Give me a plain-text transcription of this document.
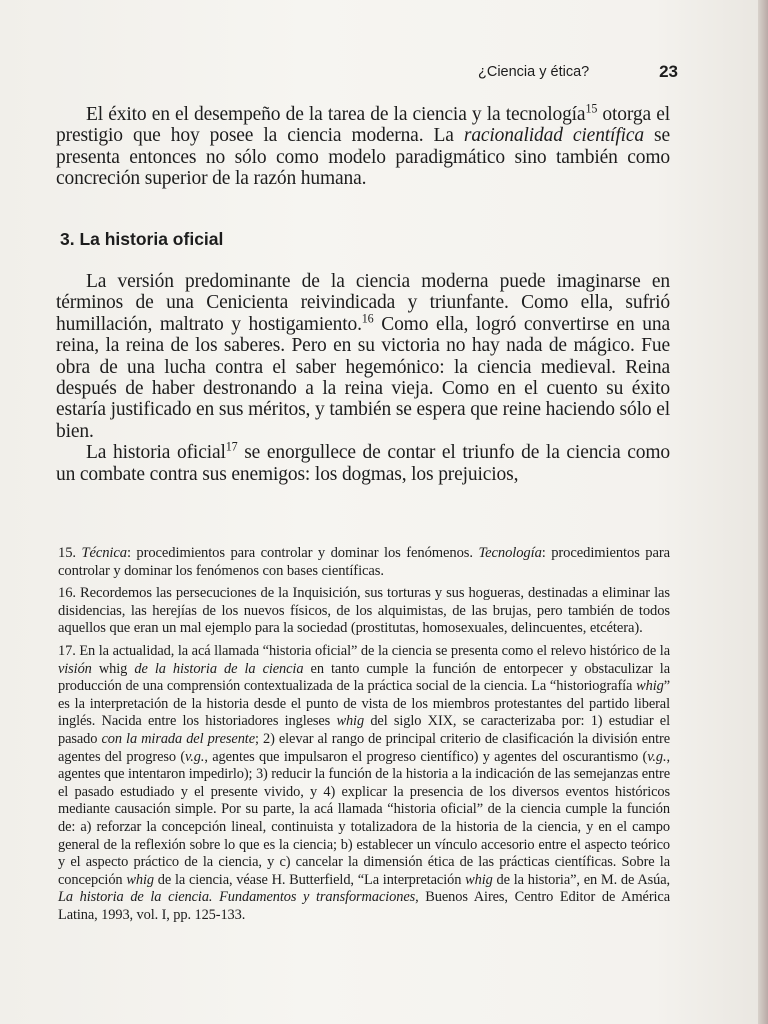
¿Ciencia y ética?	23

El éxito en el desempeño de la tarea de la ciencia y la tecnología$^{15}$ otorga el prestigio que hoy posee la ciencia moderna. La racionalidad científica se presenta entonces no sólo como modelo paradigmático sino también como concreción superior de la razón humana.

3. La historia oficial

La versión predominante de la ciencia moderna puede imaginarse en términos de una Cenicienta reivindicada y triunfante. Como ella, sufrió humillación, maltrato y hostigamiento.$^{16}$ Como ella, logró convertirse en una reina, la reina de los saberes. Pero en su victoria no hay nada de mágico. Fue obra de una lucha contra el saber hegemónico: la ciencia medieval. Reina después de haber destronando a la reina vieja. Como en el cuento su éxito estaría justificado en sus méritos, y también se espera que reine haciendo sólo el bien.

La historia oficial$^{17}$ se enorgullece de contar el triunfo de la ciencia como un combate contra sus enemigos: los dogmas, los prejuicios,

15. Técnica: procedimientos para controlar y dominar los fenómenos. Tecnología: procedimientos para controlar y dominar los fenómenos con bases científicas.

16. Recordemos las persecuciones de la Inquisición, sus torturas y sus hogueras, destinadas a eliminar las disidencias, las herejías de los nuevos físicos, de los alquimistas, de las brujas, pero también de todos aquellos que eran un mal ejemplo para la sociedad (prostitutas, homosexuales, delincuentes, etcétera).

17. En la actualidad, la acá llamada “historia oficial” de la ciencia se presenta como el relevo histórico de la visión whig de la historia de la ciencia en tanto cumple la función de entorpecer y obstaculizar la producción de una comprensión contextualizada de la práctica social de la ciencia. La “historiografía whig” es la interpretación de la historia desde el punto de vista de los miembros protestantes del partido liberal inglés. Nacida entre los historiadores ingleses whig del siglo XIX, se caracterizaba por: 1) estudiar el pasado con la mirada del presente; 2) elevar al rango de principal criterio de clasificación la división entre agentes del progreso (v.g., agentes que impulsaron el progreso científico) y agentes del oscurantismo (v.g., agentes que intentaron impedirlo); 3) reducir la función de la historia a la indicación de las semejanzas entre el pasado estudiado y el presente vivido, y 4) explicar la presencia de los diversos eventos históricos mediante causación simple. Por su parte, la acá llamada “historia oficial” de la ciencia cumple la función de: a) reforzar la concepción lineal, continuista y totalizadora de la historia de la ciencia, y en el campo general de la reflexión sobre lo que es la ciencia; b) establecer un vínculo accesorio entre el aspecto teórico y el aspecto práctico de la ciencia, y c) cancelar la dimensión ética de las prácticas científicas. Sobre la concepción whig de la ciencia, véase H. Butterfield, “La interpretación whig de la historia”, en M. de Asúa, La historia de la ciencia. Fundamentos y transformaciones, Buenos Aires, Centro Editor de América Latina, 1993, vol. I, pp. 125-133.
